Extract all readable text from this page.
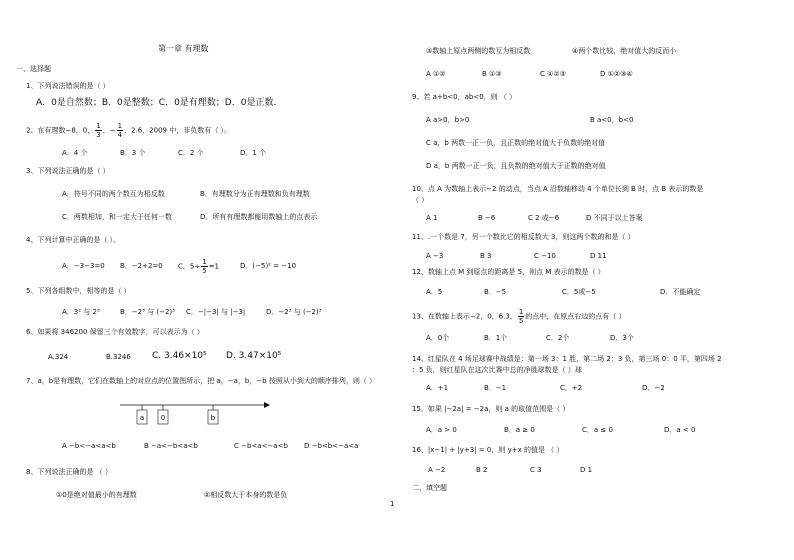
第一章 有理数
一、选择题
1、下列说法错误的是（ ）
A．0是自然数；B．0是整数；C．0是有理数；D．0是正数．
2、在有理数−8，0， $\frac{1}{3}$ ，− $\frac{1}{4}$ ，2.6，2009 中，非负数有（ ）。
A．4 个	B．3 个	C．2 个	D．1 个
3、下列说法正确的是（ ）
A．符号不同的两个数互为相反数	B．有理数分为正有理数和负有理数
C．两数相加，和一定大于任何一数	D．所有有理数都能用数轴上的点表示
4、下列计算中正确的是（ ）。
A．−3−3=0 B．−2+2=0 C．$5\div \frac{1}{5} =1$	D．(−5)² = −10
5、下列各组数中，相等的是（ ）
A．3² 与 2³	B．−2³ 与 (−2)³ C．−|−3| 与 |−3|	D．−2³ 与 (−2)³
6、如果将 346200 保留三个有效数字，可以表示为（ ）
A.324	B.3246 C. 3.46×10⁵ D. 3.47×10⁵
7、a，b是有理数，它们在数轴上的对应点的位置图所示，把 a，−a，b，−b 按照从小到大的顺序排列，则（ ）
a 0	b
A −b<−a<a<b	B −a<−b<a<b	C −b<a<−a<b D −b<b<−a<a
8、下列说法正确的是 （ ）
①0是绝对值最小的有理数	②相反数大于本身的数是负
③数轴上原点两侧的数互为相反数	④两个数比较，绝对值大的反而小
A ①②	B ①③	C ①②③	D ①②③④
9、若 a+b<0，ab<0，则 （ ）
A a>0，b>0	B a<0，b<0
C a，b 两数一正一负，且正数的绝对值大于负数的绝对值
D a，b 两数一正一负，且负数的绝对值大于正数的绝对值
10、点 A 为数轴上表示−2 的动点，当点 A 沿数轴移动 4 个单位长到 B 时，点 B 表示的数是
（ ）
A 1	B −6	C 2 或−6	D 不同于以上答案
11、.一个数是 7，另一个数比它的相反数大 3，则这两个数的和是（ ）
A −3	B 3	C −10	D 11
12、数轴上点 M 到原点的距离是 5，则点 M 表示的数是（ ）
A．5	B．−5	C．5或−5	D．不能确定
13、在数轴上表示−2，0，6.3， $\frac{1}{5}$ 的点中，在原点右边的点有（ ）
A．0个	B．1个	C．2个	D．3个
14、红星队在 4 场足球赛中战绩是：第一场 3：1 胜，第二场 2：3 负，第三场 0：0 平，第四场 2
：5 负，则红星队在这次比赛中总的净胜球数是（ ）球
A．+1	B．−1	C．+2	D．−2
15、如果 |−2a| = −2a，则 a 的取值范围是（ ）
A．a > 0	B．a ≥ 0	C．a ≤ 0	D．a < 0
16、|x−1| + |y+3| = 0，则 y+x 的值是 （ ）
A −2	B 2	C 3	D 1
二、填空题
1
